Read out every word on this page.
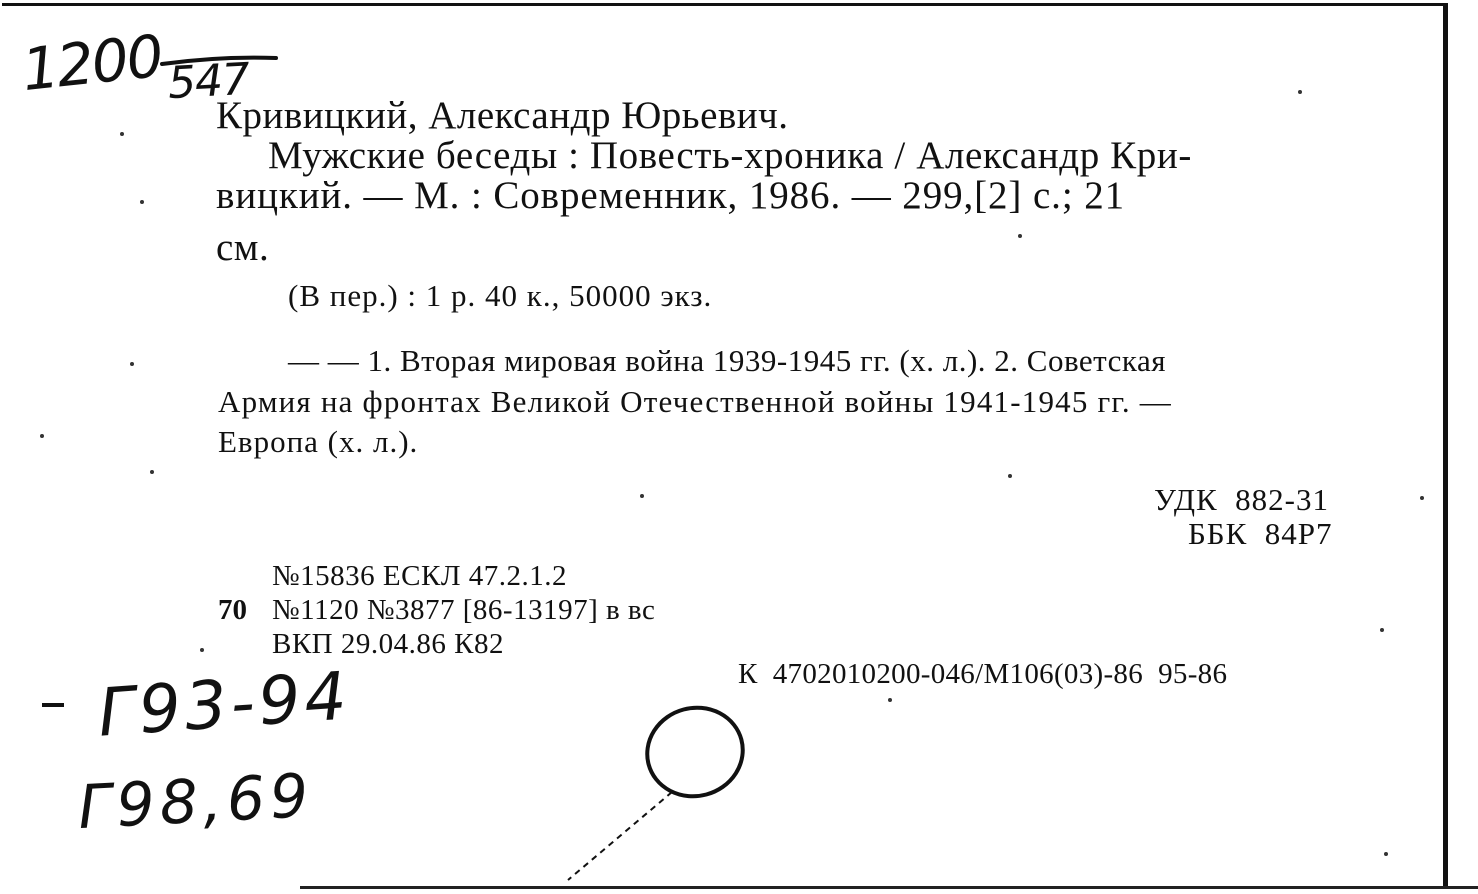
1200 547
Г93-94
Г98,69
Кривицкий, Александр Юрьевич.
Мужские беседы : Повесть-хроника / Александр Кри-
вицкий. — М. : Современник, 1986. — 299,[2] с.; 21
см.
(В пер.) : 1 р. 40 к., 50000 экз.
— — 1. Вторая мировая война 1939-1945 гг. (х. л.). 2. Советская
Армия на фронтах Великой Отечественной войны 1941-1945 гг. —
Европа (х. л.).
УДК  882-31
ББК  84Р7
№15836 ЕСКЛ 47.2.1.2
70 №1120 №3877 [86-13197] в вс
ВКП 29.04.86 К82
К  4702010200-046/М106(03)-86  95-86
